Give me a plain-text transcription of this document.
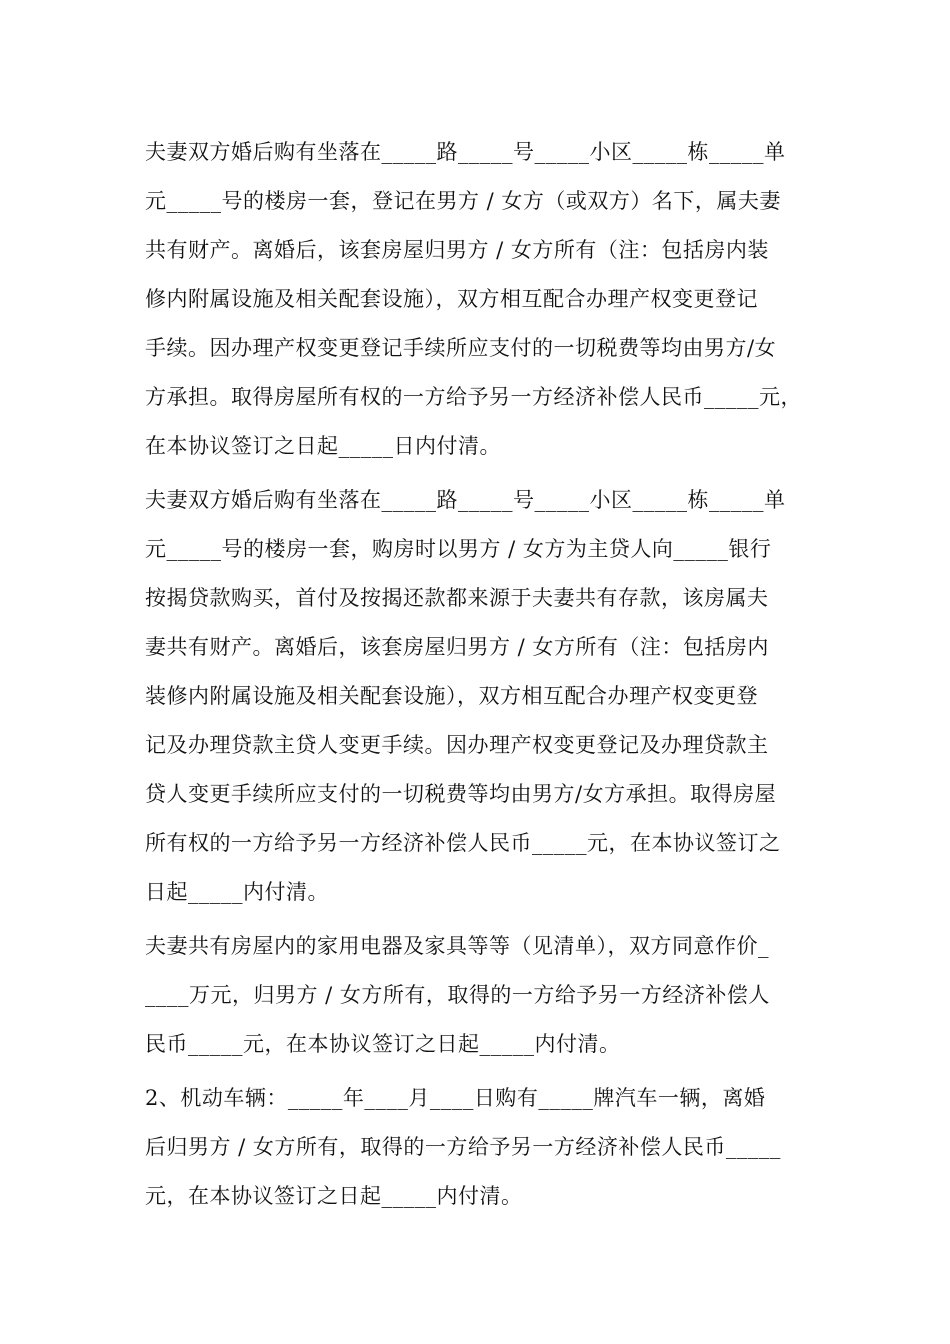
夫妻双方婚后购有坐落在_____路_____号_____小区_____栋_____单
元_____号的楼房一套，登记在男方 / 女方（或双方）名下，属夫妻
共有财产。离婚后，该套房屋归男方 / 女方所有（注：包括房内装
修内附属设施及相关配套设施），双方相互配合办理产权变更登记
手续。因办理产权变更登记手续所应支付的一切税费等均由男方/女
方承担。取得房屋所有权的一方给予另一方经济补偿人民币_____元，
在本协议签订之日起_____日内付清。
夫妻双方婚后购有坐落在_____路_____号_____小区_____栋_____单
元_____号的楼房一套，购房时以男方 / 女方为主贷人向_____银行
按揭贷款购买，首付及按揭还款都来源于夫妻共有存款，该房属夫
妻共有财产。离婚后，该套房屋归男方 / 女方所有（注：包括房内
装修内附属设施及相关配套设施），双方相互配合办理产权变更登
记及办理贷款主贷人变更手续。因办理产权变更登记及办理贷款主
贷人变更手续所应支付的一切税费等均由男方/女方承担。取得房屋
所有权的一方给予另一方经济补偿人民币_____元，在本协议签订之
日起_____内付清。
夫妻共有房屋内的家用电器及家具等等（见清单），双方同意作价_
____万元，归男方 / 女方所有，取得的一方给予另一方经济补偿人
民币_____元，在本协议签订之日起_____内付清。
2、机动车辆：_____年____月____日购有_____牌汽车一辆，离婚
后归男方 / 女方所有，取得的一方给予另一方经济补偿人民币_____
元，在本协议签订之日起_____内付清。
